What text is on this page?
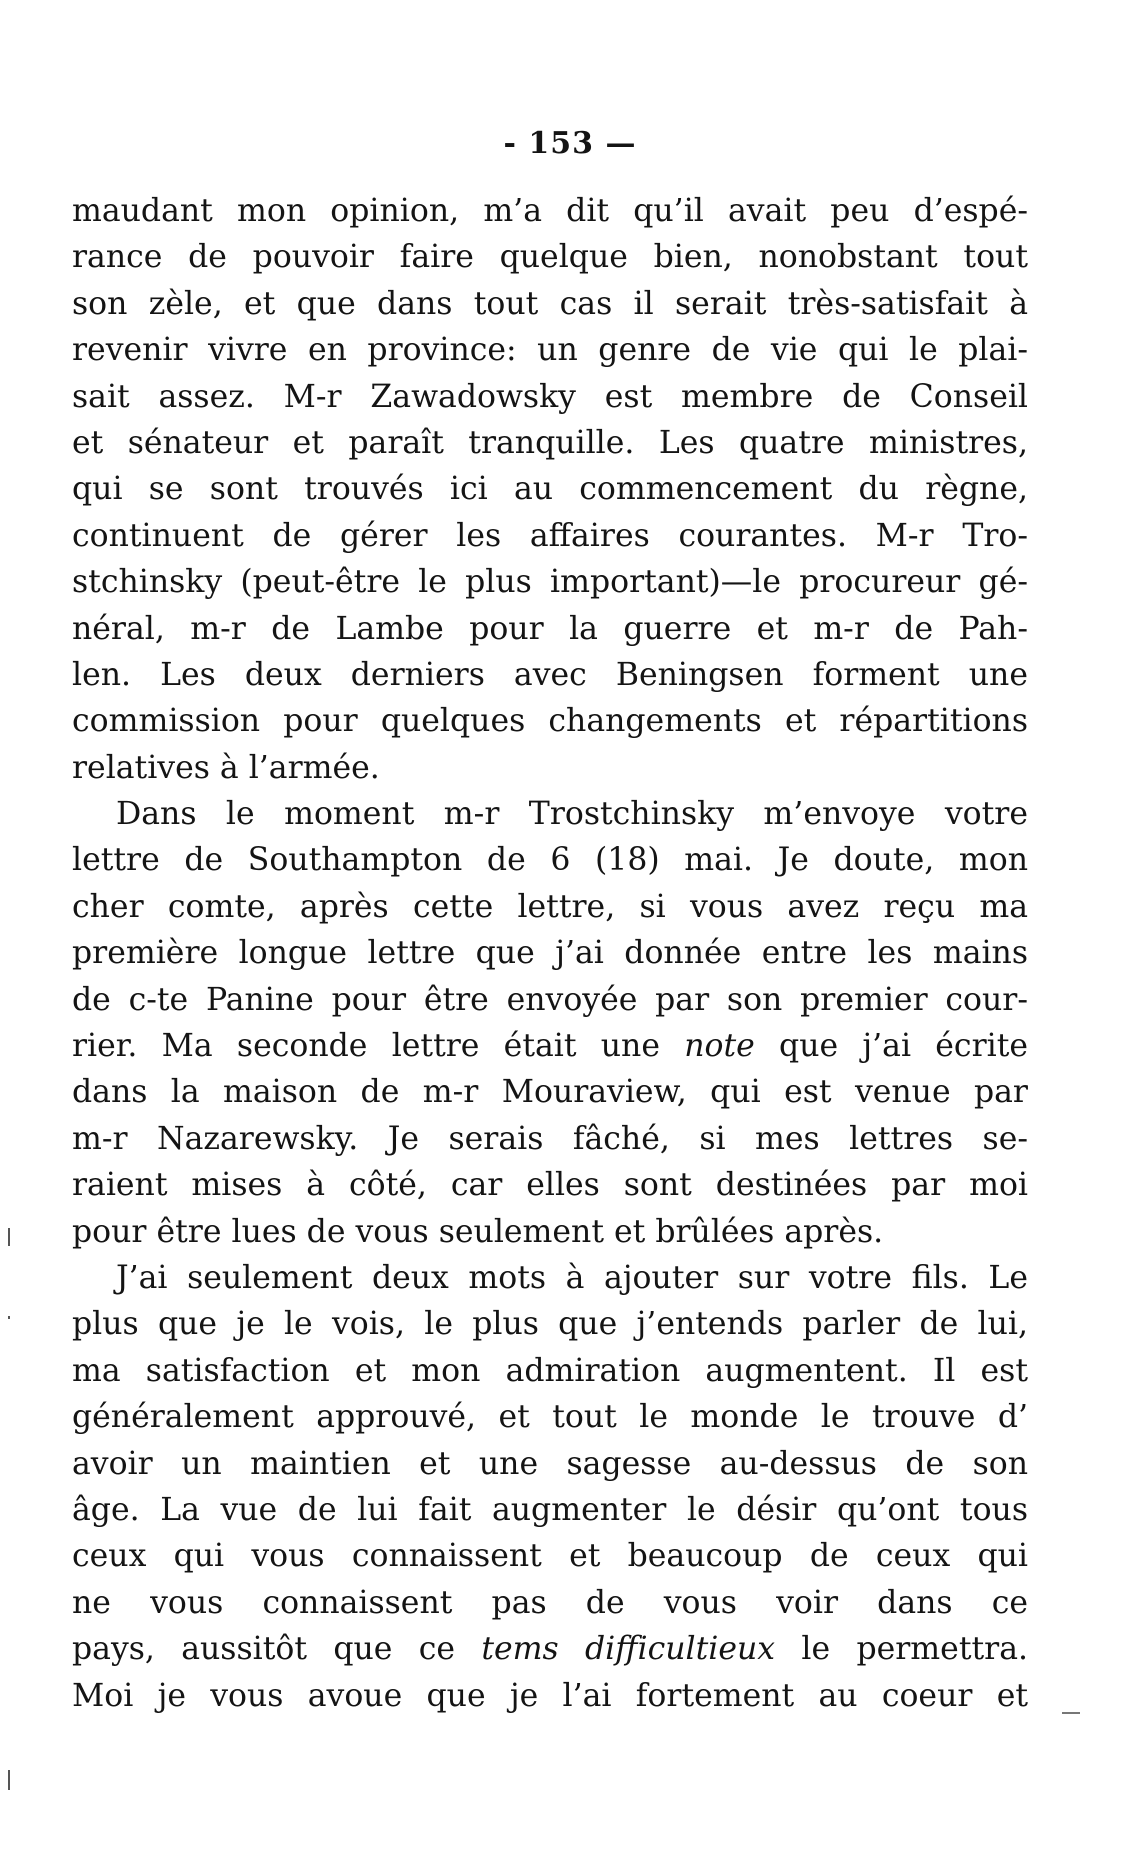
- 153 —
maudant mon opinion, m’a dit qu’il avait peu d’espé-
rance de pouvoir faire quelque bien, nonobstant tout
son zèle, et que dans tout cas il serait très-satisfait à
revenir vivre en province: un genre de vie qui le plai-
sait assez. M-r Zawadowsky est membre de Conseil
et sénateur et paraît tranquille. Les quatre ministres,
qui se sont trouvés ici au commencement du règne,
continuent de gérer les affaires courantes. M-r Tro-
stchinsky (peut-être le plus important)—le procureur gé-
néral, m-r de Lambe pour la guerre et m-r de Pah-
len. Les deux derniers avec Beningsen forment une
commission pour quelques changements et répartitions
relatives à l’armée.
Dans le moment m-r Trostchinsky m’envoye votre
lettre de Southampton de 6 (18) mai. Je doute, mon
cher comte, après cette lettre, si vous avez reçu ma
première longue lettre que j’ai donnée entre les mains
de c-te Panine pour être envoyée par son premier cour-
rier. Ma seconde lettre était une note que j’ai écrite
dans la maison de m-r Mouraview, qui est venue par
m-r Nazarewsky. Je serais fâché, si mes lettres se-
raient mises à côté, car elles sont destinées par moi
pour être lues de vous seulement et brûlées après.
J’ai seulement deux mots à ajouter sur votre fils. Le
plus que je le vois, le plus que j’entends parler de lui,
ma satisfaction et mon admiration augmentent. Il est
généralement approuvé, et tout le monde le trouve d’
avoir un maintien et une sagesse au-dessus de son
âge. La vue de lui fait augmenter le désir qu’ont tous
ceux qui vous connaissent et beaucoup de ceux qui
ne vous connaissent pas de vous voir dans ce
pays, aussitôt que ce tems difficultieux le permettra.
Moi je vous avoue que je l’ai fortement au coeur et
